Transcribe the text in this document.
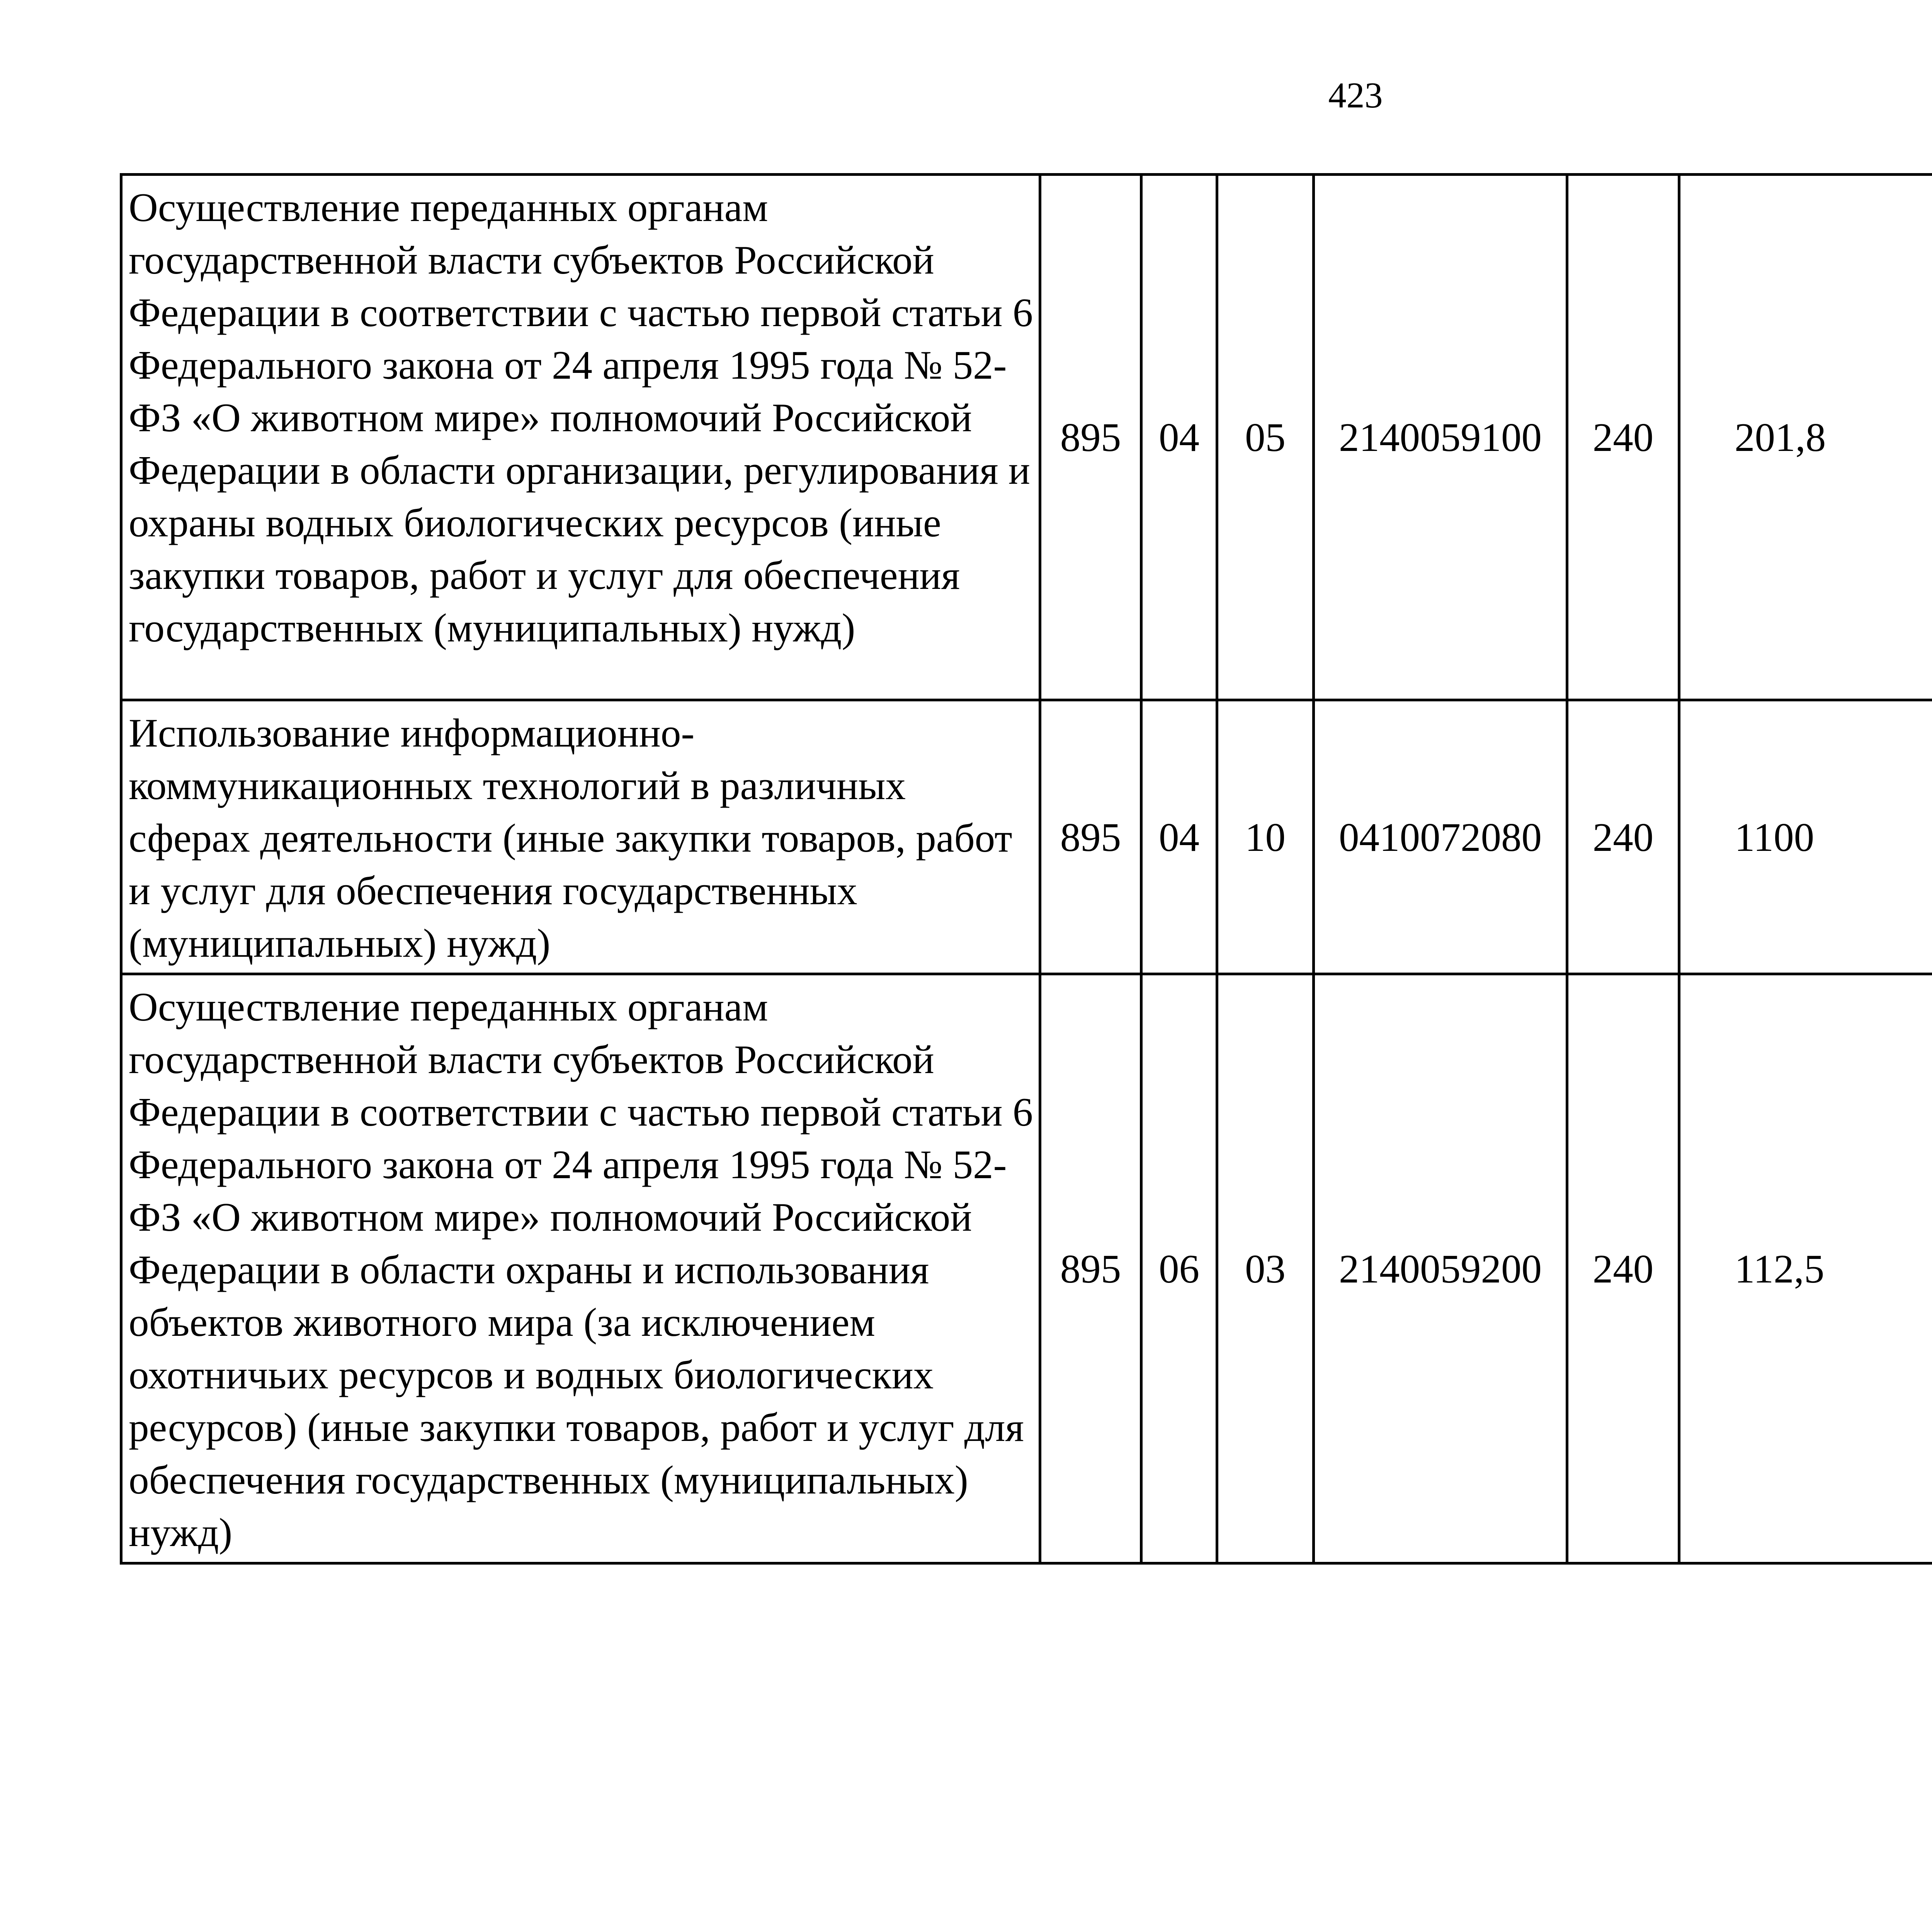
423
Осуществление переданных органам государственной власти субъектов Российской Федерации в соответствии с частью первой статьи 6 Федерального закона от 24 апреля 1995 года № 52-ФЗ «О животном мире» полномочий Российской Федерации в области организации, регулирования и охраны водных биологических ресурсов (иные закупки товаров, работ и услуг для обеспечения государственных (муниципальных) нужд)	895	04	05	2140059100	240	201,8		
Использование информационно-коммуникационных технологий в различных сферах деятельности (иные закупки товаров, работ и услуг для обеспечения государственных (муниципальных) нужд)	895	04	10	0410072080	240	1100		
Осуществление переданных органам государственной власти субъектов Российской Федерации в соответствии с частью первой статьи 6 Федерального закона от 24 апреля 1995 года № 52-ФЗ «О животном мире» полномочий Российской Федерации в области охраны и использования объектов животного мира (за исключением охотничьих ресурсов и водных биологических ресурсов) (иные закупки товаров, работ и услуг для обеспечения государственных (муниципальных) нужд)	895	06	03	2140059200	240	112,5		
